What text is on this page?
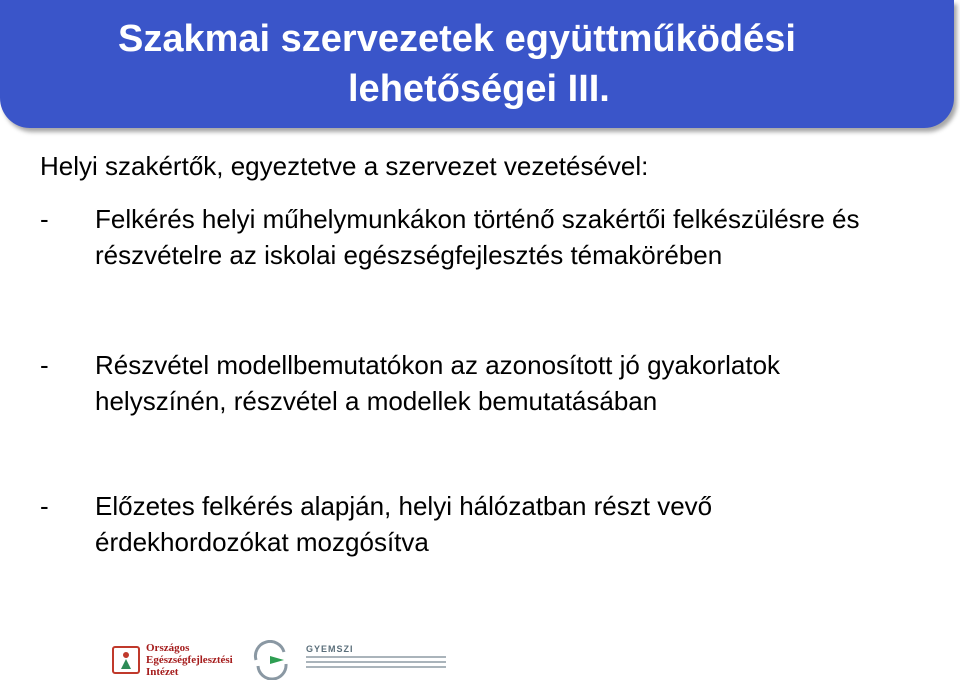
Szakmai szervezetek együttműködési
lehetőségei III.
Helyi szakértők, egyeztetve a szervezet vezetésével:
- Felkérés helyi műhelymunkákon történő szakértői felkészülésre és részvételre az iskolai egészségfejlesztés témakörében
- Részvétel modellbemutatókon az azonosított jó gyakorlatok helyszínén, részvétel a modellek bemutatásában
- Előzetes felkérés alapján, helyi hálózatban részt vevő érdekhordozókat mozgósítva
Országos
Egészségfejlesztési
Intézet
GYEMSZI
